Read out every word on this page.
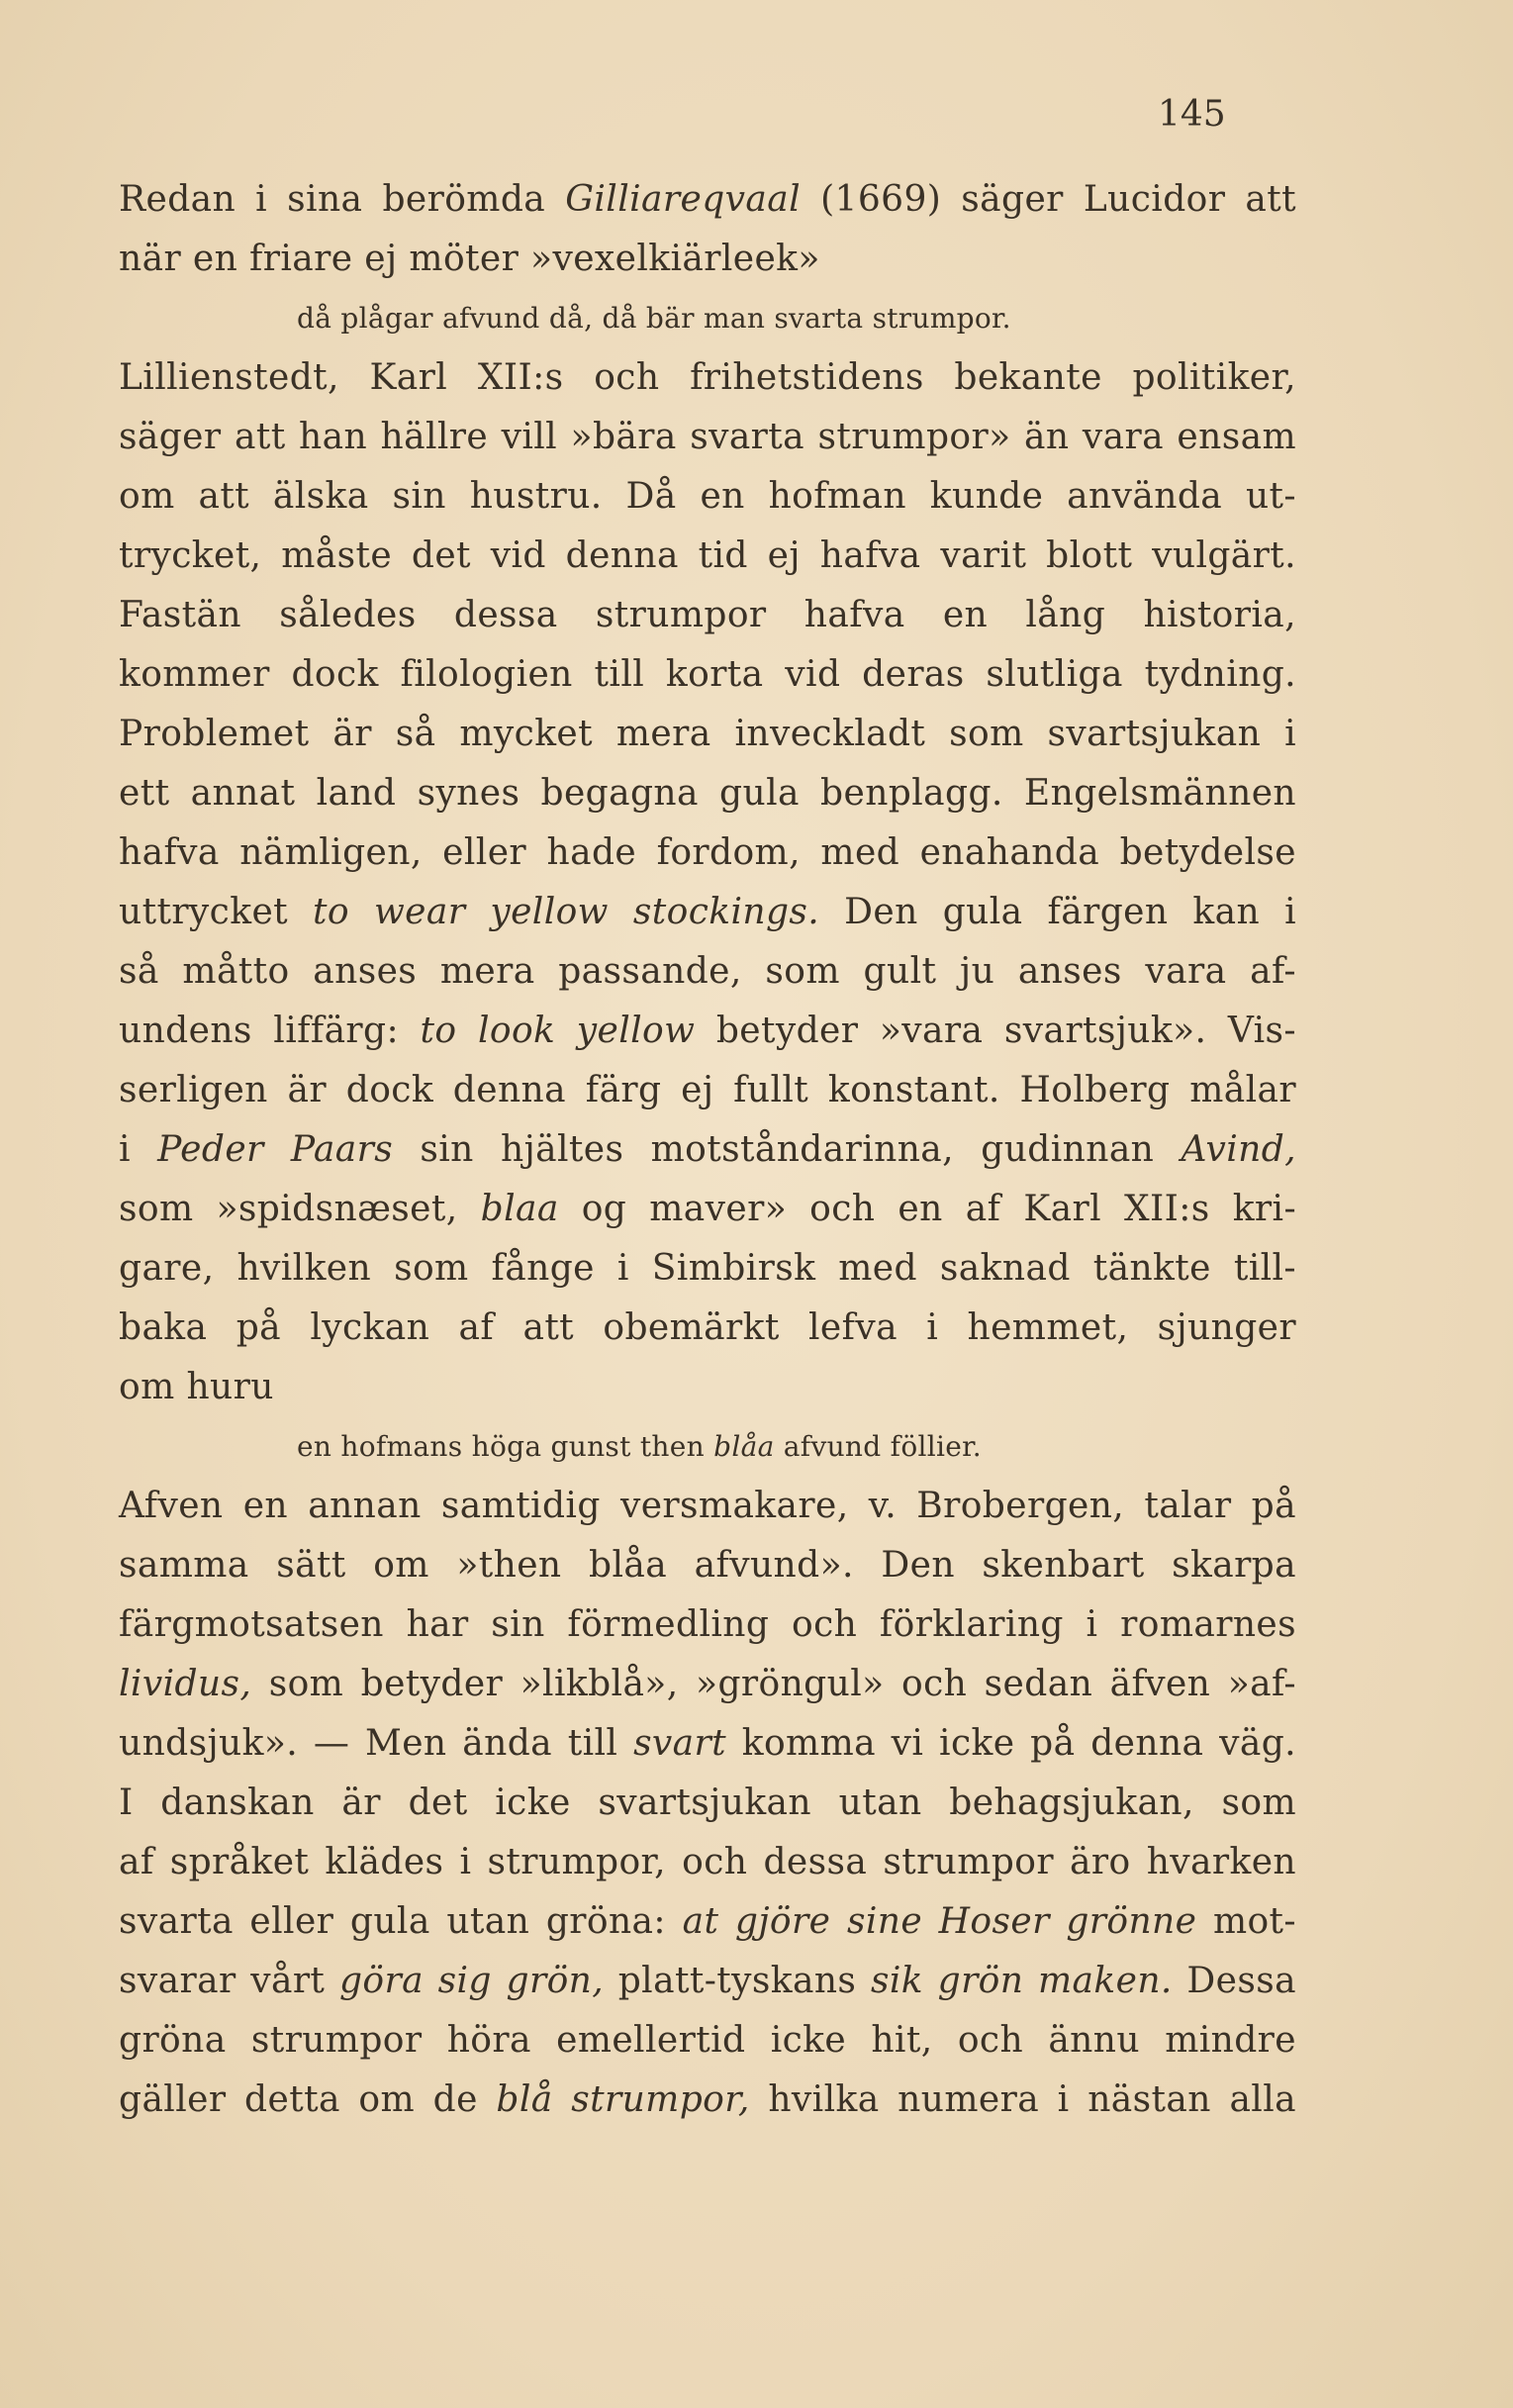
145
Redan i sina berömda Gilliareqvaal (1669) säger Lucidor att
när en friare ej möter »vexelkiärleek»
då plågar afvund då, då bär man svarta strumpor.
Lillienstedt, Karl XII:s och frihetstidens bekante politiker,
säger att han hällre vill »bära svarta strumpor» än vara ensam
om att älska sin hustru. Då en hofman kunde använda ut-
trycket, måste det vid denna tid ej hafva varit blott vulgärt.
Fastän således dessa strumpor hafva en lång historia,
kommer dock filologien till korta vid deras slutliga tydning.
Problemet är så mycket mera inveckladt som svartsjukan i
ett annat land synes begagna gula benplagg. Engelsmännen
hafva nämligen, eller hade fordom, med enahanda betydelse
uttrycket to wear yellow stockings. Den gula färgen kan i
så måtto anses mera passande, som gult ju anses vara af-
undens liffärg: to look yellow betyder »vara svartsjuk». Vis-
serligen är dock denna färg ej fullt konstant. Holberg målar
i Peder Paars sin hjältes motståndarinna, gudinnan Avind,
som »spidsnæset, blaa og maver» och en af Karl XII:s kri-
gare, hvilken som fånge i Simbirsk med saknad tänkte till-
baka på lyckan af att obemärkt lefva i hemmet, sjunger
om huru
en hofmans höga gunst then blåa afvund föllier.
Afven en annan samtidig versmakare, v. Brobergen, talar på
samma sätt om »then blåa afvund». Den skenbart skarpa
färgmotsatsen har sin förmedling och förklaring i romarnes
lividus, som betyder »likblå», »gröngul» och sedan äfven »af-
undsjuk». — Men ända till svart komma vi icke på denna väg.
I danskan är det icke svartsjukan utan behagsjukan, som
af språket klädes i strumpor, och dessa strumpor äro hvarken
svarta eller gula utan gröna: at gjöre sine Hoser grönne mot-
svarar vårt göra sig grön, platt-tyskans sik grön maken. Dessa
gröna strumpor höra emellertid icke hit, och ännu mindre
gäller detta om de blå strumpor, hvilka numera i nästan alla
